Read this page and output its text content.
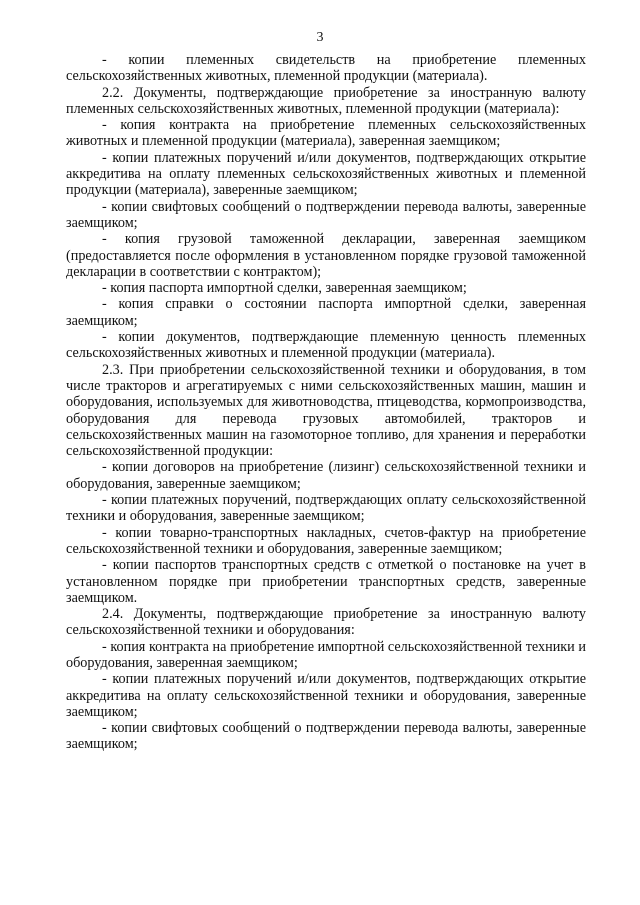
3

- копии племенных свидетельств на приобретение племенных сельскохозяйственных животных, племенной продукции (материала).

2.2. Документы, подтверждающие приобретение за иностранную валюту племенных сельскохозяйственных животных, племенной продукции (материала):

- копия контракта на приобретение племенных сельскохозяйственных животных и племенной продукции (материала), заверенная заемщиком;

- копии платежных поручений и/или документов, подтверждающих открытие аккредитива на оплату племенных сельскохозяйственных животных и племенной продукции (материала), заверенные заемщиком;

- копии свифтовых сообщений о подтверждении перевода валюты, заверенные заемщиком;

- копия грузовой таможенной декларации, заверенная заемщиком (предоставляется после оформления в установленном порядке грузовой таможенной декларации в соответствии с контрактом);

- копия паспорта импортной сделки, заверенная заемщиком;

- копия справки о состоянии паспорта импортной сделки, заверенная заемщиком;

- копии документов, подтверждающие племенную ценность племенных сельскохозяйственных животных и племенной продукции (материала).

2.3. При приобретении сельскохозяйственной техники и оборудования, в том числе тракторов и агрегатируемых с ними сельскохозяйственных машин, машин и оборудования, используемых для животноводства, птицеводства, кормопроизводства, оборудования для перевода грузовых автомобилей, тракторов и сельскохозяйственных машин на газомоторное топливо, для хранения и переработки сельскохозяйственной продукции:

- копии договоров на приобретение (лизинг) сельскохозяйственной техники и оборудования, заверенные заемщиком;

- копии платежных поручений, подтверждающих оплату сельскохозяйственной техники и оборудования, заверенные заемщиком;

- копии товарно-транспортных накладных, счетов-фактур на приобретение сельскохозяйственной техники и оборудования, заверенные заемщиком;

- копии паспортов транспортных средств с отметкой о постановке на учет в установленном порядке при приобретении транспортных средств, заверенные заемщиком.

2.4. Документы, подтверждающие приобретение за иностранную валюту сельскохозяйственной техники и оборудования:

- копия контракта на приобретение импортной сельскохозяйственной техники и оборудования, заверенная заемщиком;

- копии платежных поручений и/или документов, подтверждающих открытие аккредитива на оплату сельскохозяйственной техники и оборудования, заверенные заемщиком;

- копии свифтовых сообщений о подтверждении перевода валюты, заверенные заемщиком;
